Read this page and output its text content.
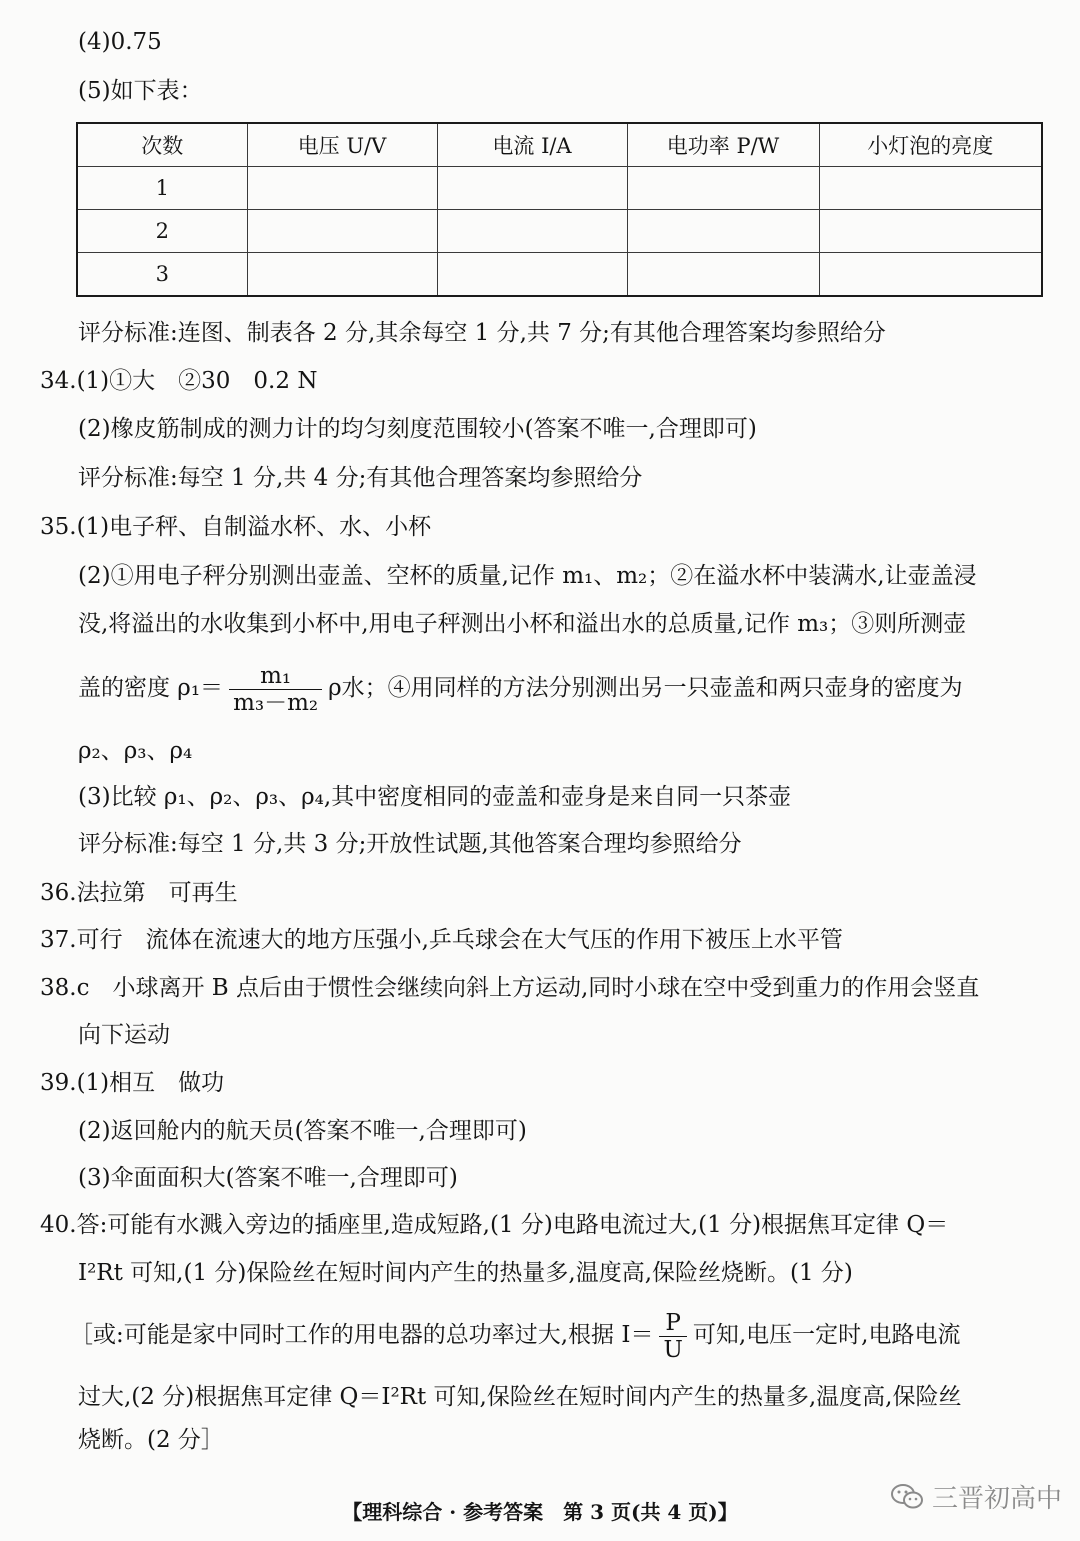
(4)0.75
(5)如下表：
次数	电压 U/V	电流 I/A	电功率 P/W	小灯泡的亮度
1				
2				
3				
评分标准:连图、制表各 2 分,其余每空 1 分,共 7 分;有其他合理答案均参照给分
34.(1)①大　②30　0.2 N
(2)橡皮筋制成的测力计的均匀刻度范围较小(答案不唯一,合理即可)
评分标准:每空 1 分,共 4 分;有其他合理答案均参照给分
35.(1)电子秤、自制溢水杯、水、小杯
(2)①用电子秤分别测出壶盖、空杯的质量,记作 m₁、m₂；②在溢水杯中装满水,让壶盖浸
没,将溢出的水收集到小杯中,用电子秤测出小杯和溢出水的总质量,记作 m₃；③则所测壶
盖的密度 $\rho_1= \frac{\text{m₁}}{\text{m₃－m₂}}$ ρ水；④用同样的方法分别测出另一只壶盖和两只壶身的密度为
ρ₂、ρ₃、ρ₄
(3)比较 ρ₁、ρ₂、ρ₃、ρ₄,其中密度相同的壶盖和壶身是来自同一只茶壶
评分标准:每空 1 分,共 3 分;开放性试题,其他答案合理均参照给分
36.法拉第　可再生
37.可行　流体在流速大的地方压强小,乒乓球会在大气压的作用下被压上水平管
38.c　小球离开 B 点后由于惯性会继续向斜上方运动,同时小球在空中受到重力的作用会竖直
向下运动
39.(1)相互　做功
(2)返回舱内的航天员(答案不唯一,合理即可)
(3)伞面面积大(答案不唯一,合理即可)
40.答:可能有水溅入旁边的插座里,造成短路,(1 分)电路电流过大,(1 分)根据焦耳定律 Q＝
I²Rt 可知,(1 分)保险丝在短时间内产生的热量多,温度高,保险丝烧断。(1 分)
［或:可能是家中同时工作的用电器的总功率过大,根据 $I= \frac{P}{U}$ 可知,电压一定时,电路电流
过大,(2 分)根据焦耳定律 Q＝I²Rt 可知,保险丝在短时间内产生的热量多,温度高,保险丝
烧断。(2 分］
【理科综合 · 参考答案　第 3 页(共 4 页)】	三晋初高中
